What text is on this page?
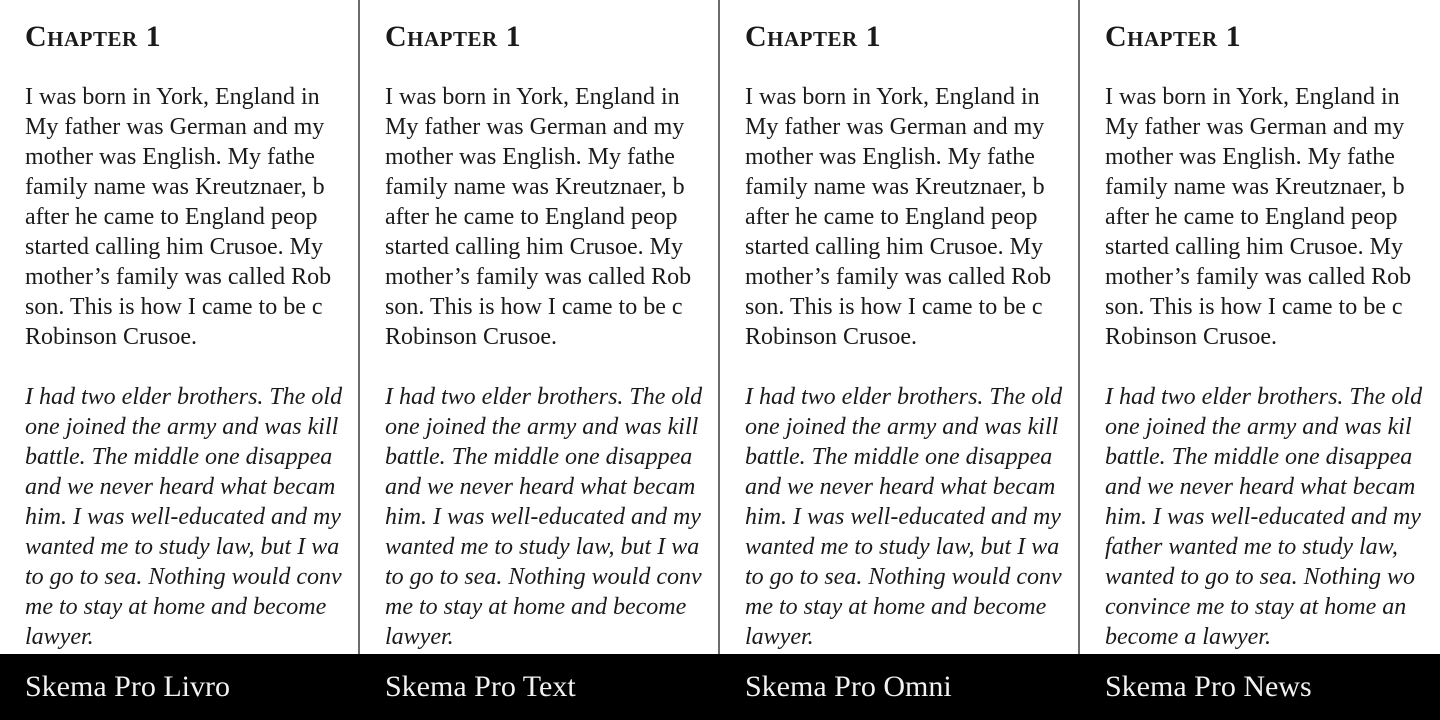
Chapter 1
I was born in York, England in
My father was German and my
mother was English. My fathe
family name was Kreutznaer, b
after he came to England peop
started calling him Crusoe. My
mother’s family was called Rob
son. This is how I came to be c
Robinson Crusoe.
I had two elder brothers. The old
one joined the army and was kill
battle. The middle one disappea
and we never heard what becam
him. I was well-educated and my
wanted me to study law, but I wa
to go to sea. Nothing would conv
me to stay at home and become
lawyer.
Chapter 1
I was born in York, England in
My father was German and my
mother was English. My fathe
family name was Kreutznaer, b
after he came to England peop
started calling him Crusoe. My
mother’s family was called Rob
son. This is how I came to be c
Robinson Crusoe.
I had two elder brothers. The old
one joined the army and was kill
battle. The middle one disappea
and we never heard what becam
him. I was well-educated and my
wanted me to study law, but I wa
to go to sea. Nothing would conv
me to stay at home and become
lawyer.
Chapter 1
I was born in York, England in
My father was German and my
mother was English. My fathe
family name was Kreutznaer, b
after he came to England peop
started calling him Crusoe. My
mother’s family was called Rob
son. This is how I came to be c
Robinson Crusoe.
I had two elder brothers. The old
one joined the army and was kill
battle. The middle one disappea
and we never heard what becam
him. I was well-educated and my
wanted me to study law, but I wa
to go to sea. Nothing would conv
me to stay at home and become
lawyer.
Chapter 1
I was born in York, England in
My father was German and my
mother was English. My fathe
family name was Kreutznaer, b
after he came to England peop
started calling him Crusoe. My
mother’s family was called Rob
son. This is how I came to be c
Robinson Crusoe.
I had two elder brothers. The old
one joined the army and was kil
battle. The middle one disappea
and we never heard what becam
him. I was well-educated and my
father wanted me to study law,
wanted to go to sea. Nothing wo
convince me to stay at home an
become a lawyer.
Skema Pro Livro	Skema Pro Text	Skema Pro Omni	Skema Pro News
